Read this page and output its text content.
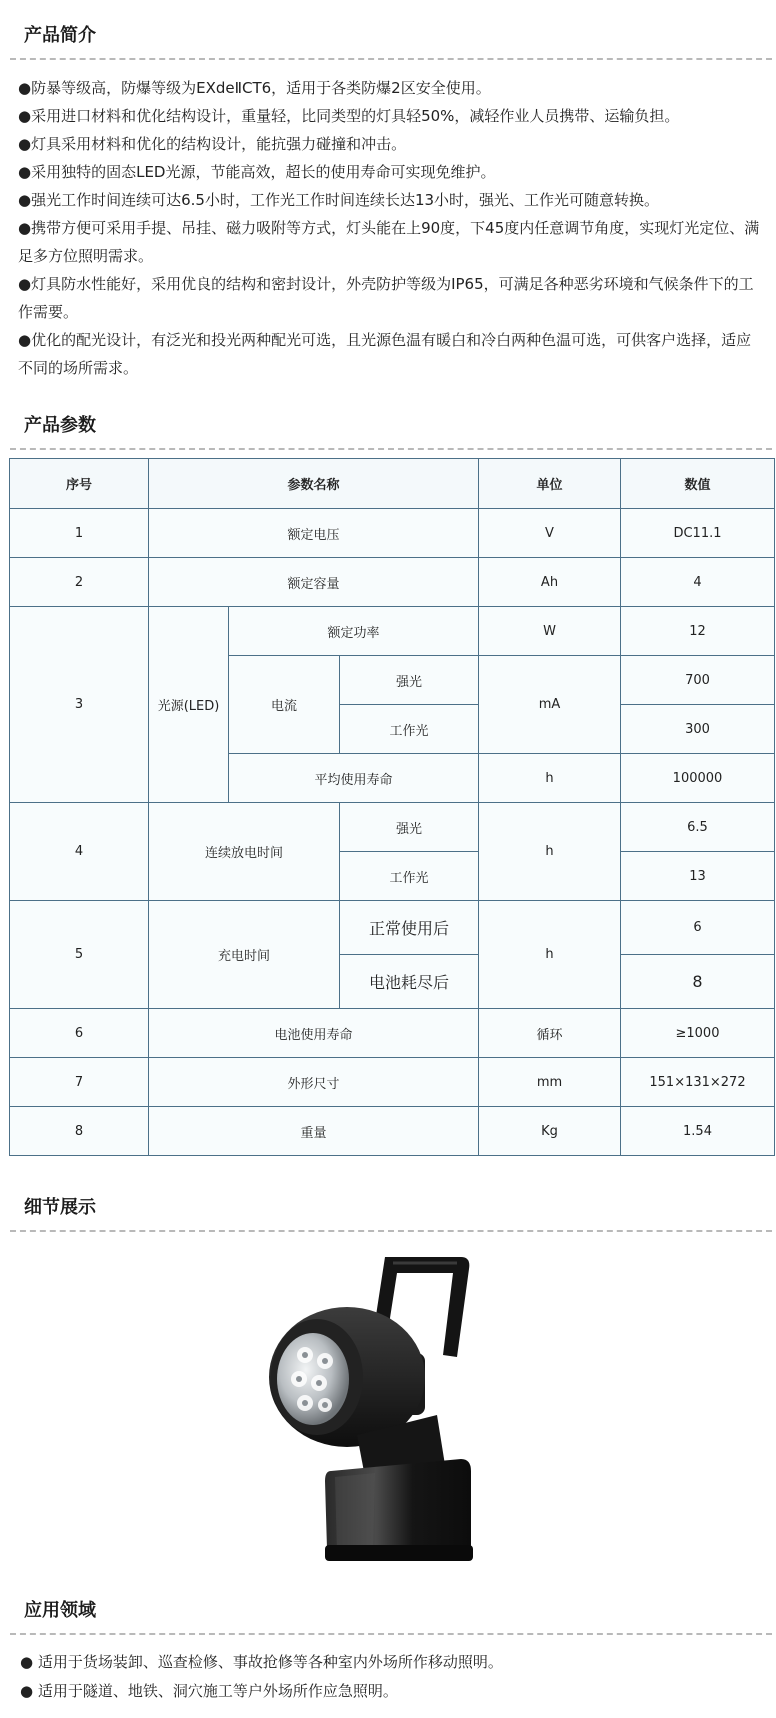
产品简介

●防暴等级高，防爆等级为EXdeⅡCT6，适用于各类防爆2区安全使用。

●采用进口材料和优化结构设计，重量轻，比同类型的灯具轻50%，减轻作业人员携带、运输负担。

●灯具采用材料和优化的结构设计，能抗强力碰撞和冲击。

●采用独特的固态LED光源，节能高效，超长的使用寿命可实现免维护。

●强光工作时间连续可达6.5小时，工作光工作时间连续长达13小时，强光、工作光可随意转换。

●携带方便可采用手提、吊挂、磁力吸附等方式，灯头能在上90度，下45度内任意调节角度，实现灯光定位、满足多方位照明需求。

●灯具防水性能好，采用优良的结构和密封设计，外壳防护等级为IP65，可满足各种恶劣环境和气候条件下的工作需要。

●优化的配光设计，有泛光和投光两种配光可选，且光源色温有暖白和冷白两种色温可选，可供客户选择，适应不同的场所需求。

产品参数
序号	参数名称			单位	数值
1	额定电压			V	DC11.1
2	额定容量			Ah	4
3	光源(LED)	额定功率		W	12
		电流	强光	mA	700
			工作光		300
		平均使用寿命		h	100000
4	连续放电时间		强光	h	6.5
			工作光		13
5	充电时间		正常使用后	h	6
			电池耗尽后		8
6	电池使用寿命			循环	≥1000
7	外形尺寸			mm	151×131×272
8	重量			Kg	1.54
细节展示
应用领域

● 适用于货场装卸、巡查检修、事故抢修等各种室内外场所作移动照明。

● 适用于隧道、地铁、洞穴施工等户外场所作应急照明。
